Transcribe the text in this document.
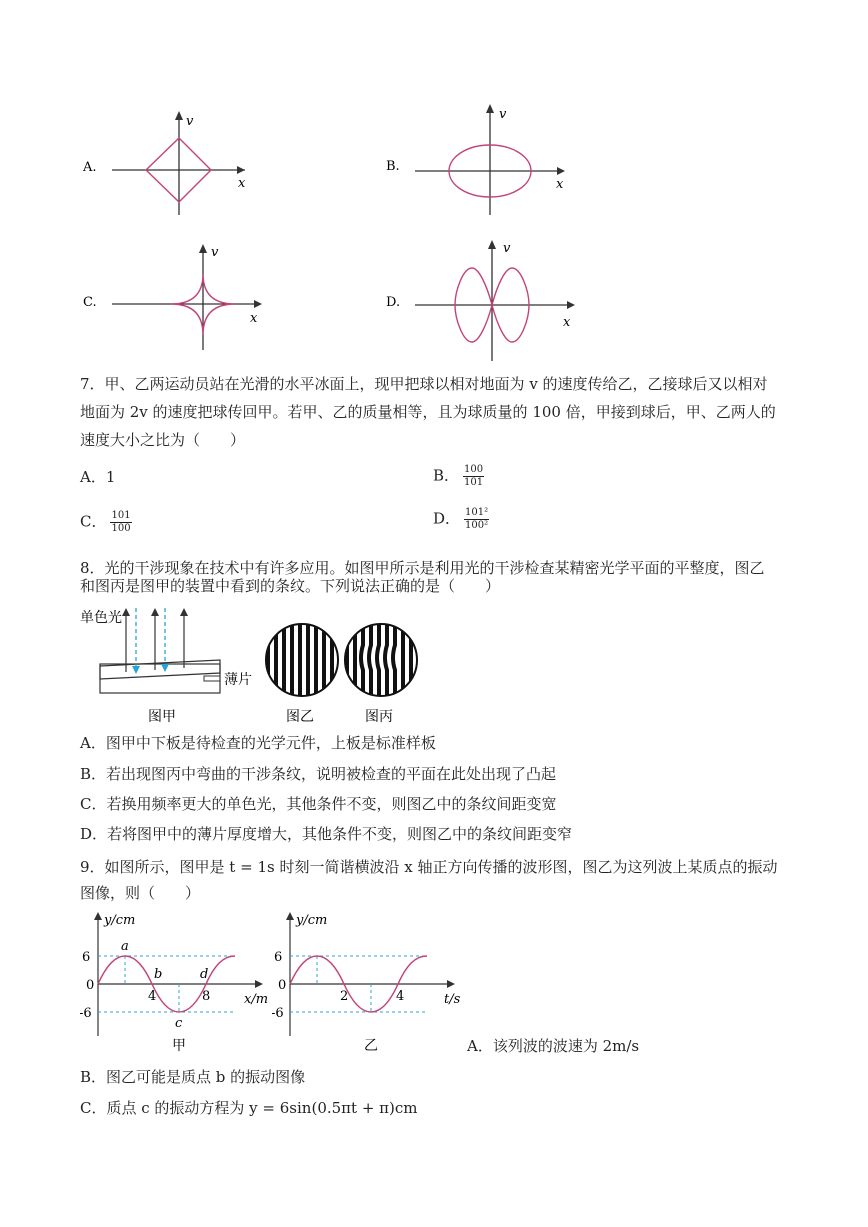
A.
v
x
B.
v
x
C.
v
x
D.
v
x
7．甲、乙两运动员站在光滑的水平冰面上，现甲把球以相对地面为 v 的速度传给乙，乙接球后又以相对
地面为 2v 的速度把球传回甲。若甲、乙的质量相等，且为球质量的 100 倍，甲接到球后，甲、乙两人的
速度大小之比为（　　）
A．1	B． $\frac{100}{101}$
C． $\frac{101}{100}$	D． $\frac{\text{101²}}{\text{100²}}$
8．光的干涉现象在技术中有许多应用。如图甲所示是利用光的干涉检查某精密光学平面的平整度，图乙
和图丙是图甲的装置中看到的条纹。下列说法正确的是（　　）
单色光
薄片
图甲	图乙	图丙
A．图甲中下板是待检查的光学元件，上板是标准样板
B．若出现图丙中弯曲的干涉条纹，说明被检查的平面在此处出现了凸起
C．若换用频率更大的单色光，其他条件不变，则图乙中的条纹间距变宽
D．若将图甲中的薄片厚度增大，其他条件不变，则图乙中的条纹间距变窄
9．如图所示，图甲是 t = 1s 时刻一简谐横波沿 x 轴正方向传播的波形图，图乙为这列波上某质点的振动
图像，则（　　）
y/cm
x/m
6
0
-6
4	8
a
b
c
d
甲
y/cm
t/s
6
0
-6
2	4
乙	A．该列波的波速为 2m/s
B．图乙可能是质点 b 的振动图像
C．质点 c 的振动方程为 y = 6sin(0.5πt + π)cm
